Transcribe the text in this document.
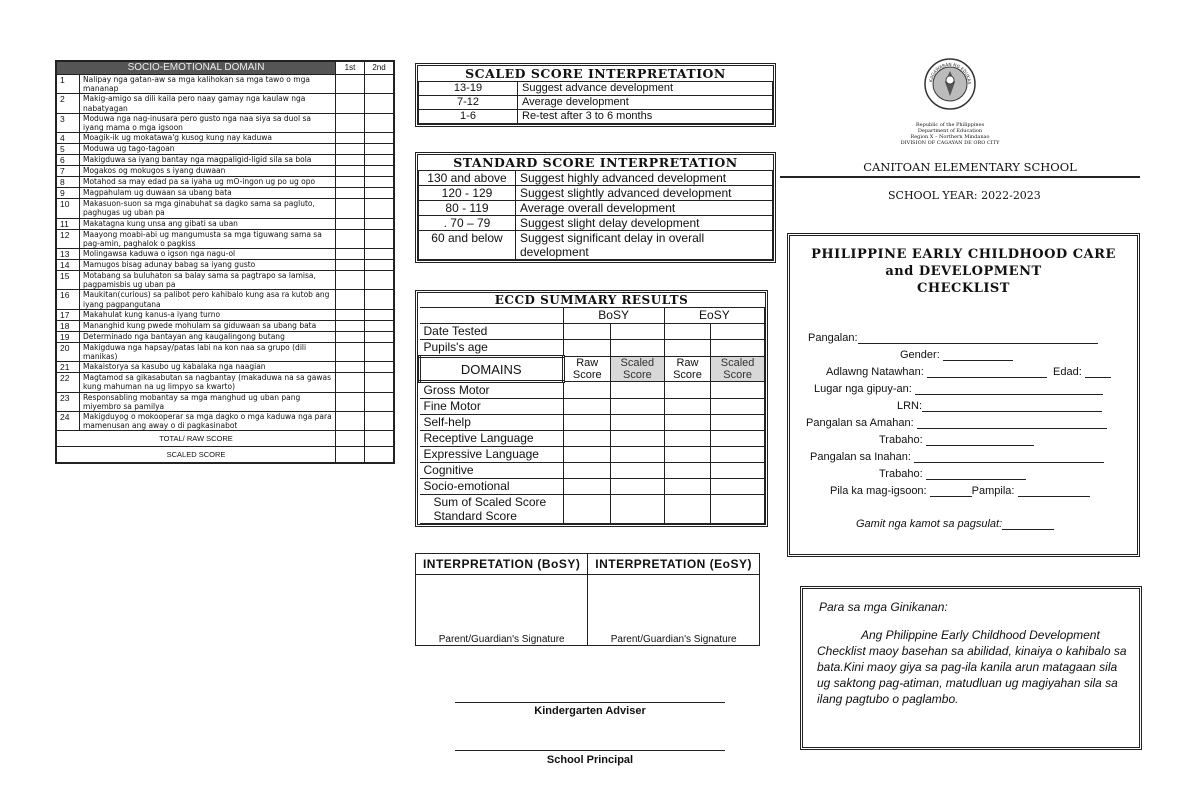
SOCIO-EMOTIONAL DOMAIN		1st	2nd
1	Nalipay nga gatan-aw sa mga kalihokan sa mga tawo o mga mananap		
2	Makig-amigo sa dili kaila pero naay gamay nga kaulaw nga nabatyagan		
3	Moduwa nga nag-inusara pero gusto nga naa siya sa duol sa iyang mama o mga igsoon		
4	Moagik-ik ug mokatawa'g kusog kung nay kaduwa		
5	Moduwa ug tago-tagoan		
6	Makigduwa sa iyang bantay nga magpaligid-ligid sila sa bola		
7	Mogakos og mokugos s iyang duwaan		
8	Motahod sa may edad pa sa iyaha ug mO-ingon ug po ug opo		
9	Magpahulam ug duwaan sa ubang bata		
10	Makasuon-suon sa mga ginabuhat sa dagko sama sa pagluto, paghugas ug uban pa		
11	Makatagna kung unsa ang gibati sa uban		
12	Maayong moabi-abi ug mangumusta sa mga tiguwang sama sa pag-amin, paghalok o pagkiss		
13	Molingawsa kaduwa o igson nga nagu-ol		
14	Mamugos bisag adunay babag sa iyang gusto		
15	Motabang sa buluhaton sa balay sama sa pagtrapo sa lamisa, pagpamisbis ug uban pa		
16	Maukitan(curious) sa palibot pero kahibalo kung asa ra kutob ang iyang pagpangutana		
17	Makahulat kung kanus-a iyang turno		
18	Mananghid kung pwede mohulam sa giduwaan sa ubang bata		
19	Determinado nga bantayan ang kaugalingong butang		
20	Makigduwa nga hapsay/patas labi na kon naa sa grupo (dili manikas)		
21	Makaistorya sa kasubo ug kabalaka nga naagian		
22	Magtamod sa gikasabutan sa nagbantay (makaduwa na sa gawas kung mahuman na ug limpyo sa kwarto)		
23	Responsabling mobantay sa mga manghud ug uban pang miyembro sa pamilya		
24	Makigduyog o mokooperar sa mga dagko o mga kaduwa nga para mamenusan ang away o di pagkasinabot		
TOTAL/ RAW SCORE			
SCALED SCORE			
SCALED SCORE INTERPRETATION
13-19	Suggest advance development
7-12	Average development
1-6	Re-test after 3 to 6 months
STANDARD SCORE INTERPRETATION
130 and above	Suggest highly advanced development
120 - 129	Suggest slightly advanced development
80 - 119	Average overall development
. 70 – 79	Suggest slight delay development
60 and below	Suggest significant delay in overall development
ECCD SUMMARY RESULTS
	BoSY		EoSY	
Date Tested				
Pupils's age				
DOMAINS	Raw Score	Scaled Score	Raw Score	Scaled Score
Gross Motor				
Fine Motor				
Self-help				
Receptive Language				
Expressive Language				
Cognitive				
Socio-emotional				

Sum of Scaled Score
Standard Score				

INTERPRETATION (BoSY)	INTERPRETATION (EoSY)
Parent/Guardian's Signature	Parent/Guardian's Signature
Kindergarten Adviser
School Principal
KAGAWARAN NG EDUKAS
Republic of the Philippines
Department of Education
Region X – Northern Mindanao
DIVISION OF CAGAYAN DE ORO CITY
CANITOAN ELEMENTARY SCHOOL
SCHOOL YEAR: 2022-2023
PHILIPPINE EARLY CHILDHOOD CARE
and DEVELOPMENT
CHECKLIST
Pangalan:
Gender:
Adlawng Natawhan:	Edad:
Lugar nga gipuy-an:
LRN:
Pangalan sa Amahan:
Trabaho:
Pangalan sa Inahan:
Trabaho:
Pila ka mag-igsoon:	Pampila:
Gamit nga kamot sa pagsulat:
Para sa mga Ginikanan:
Ang Philippine Early Childhood Development Checklist maoy basehan sa abilidad, kinaiya o kahibalo sa bata.Kini maoy giya sa pag-ila kanila arun matagaan sila ug saktong pag-atiman, matudluan ug magiyahan sila sa ilang pagtubo o paglambo.
